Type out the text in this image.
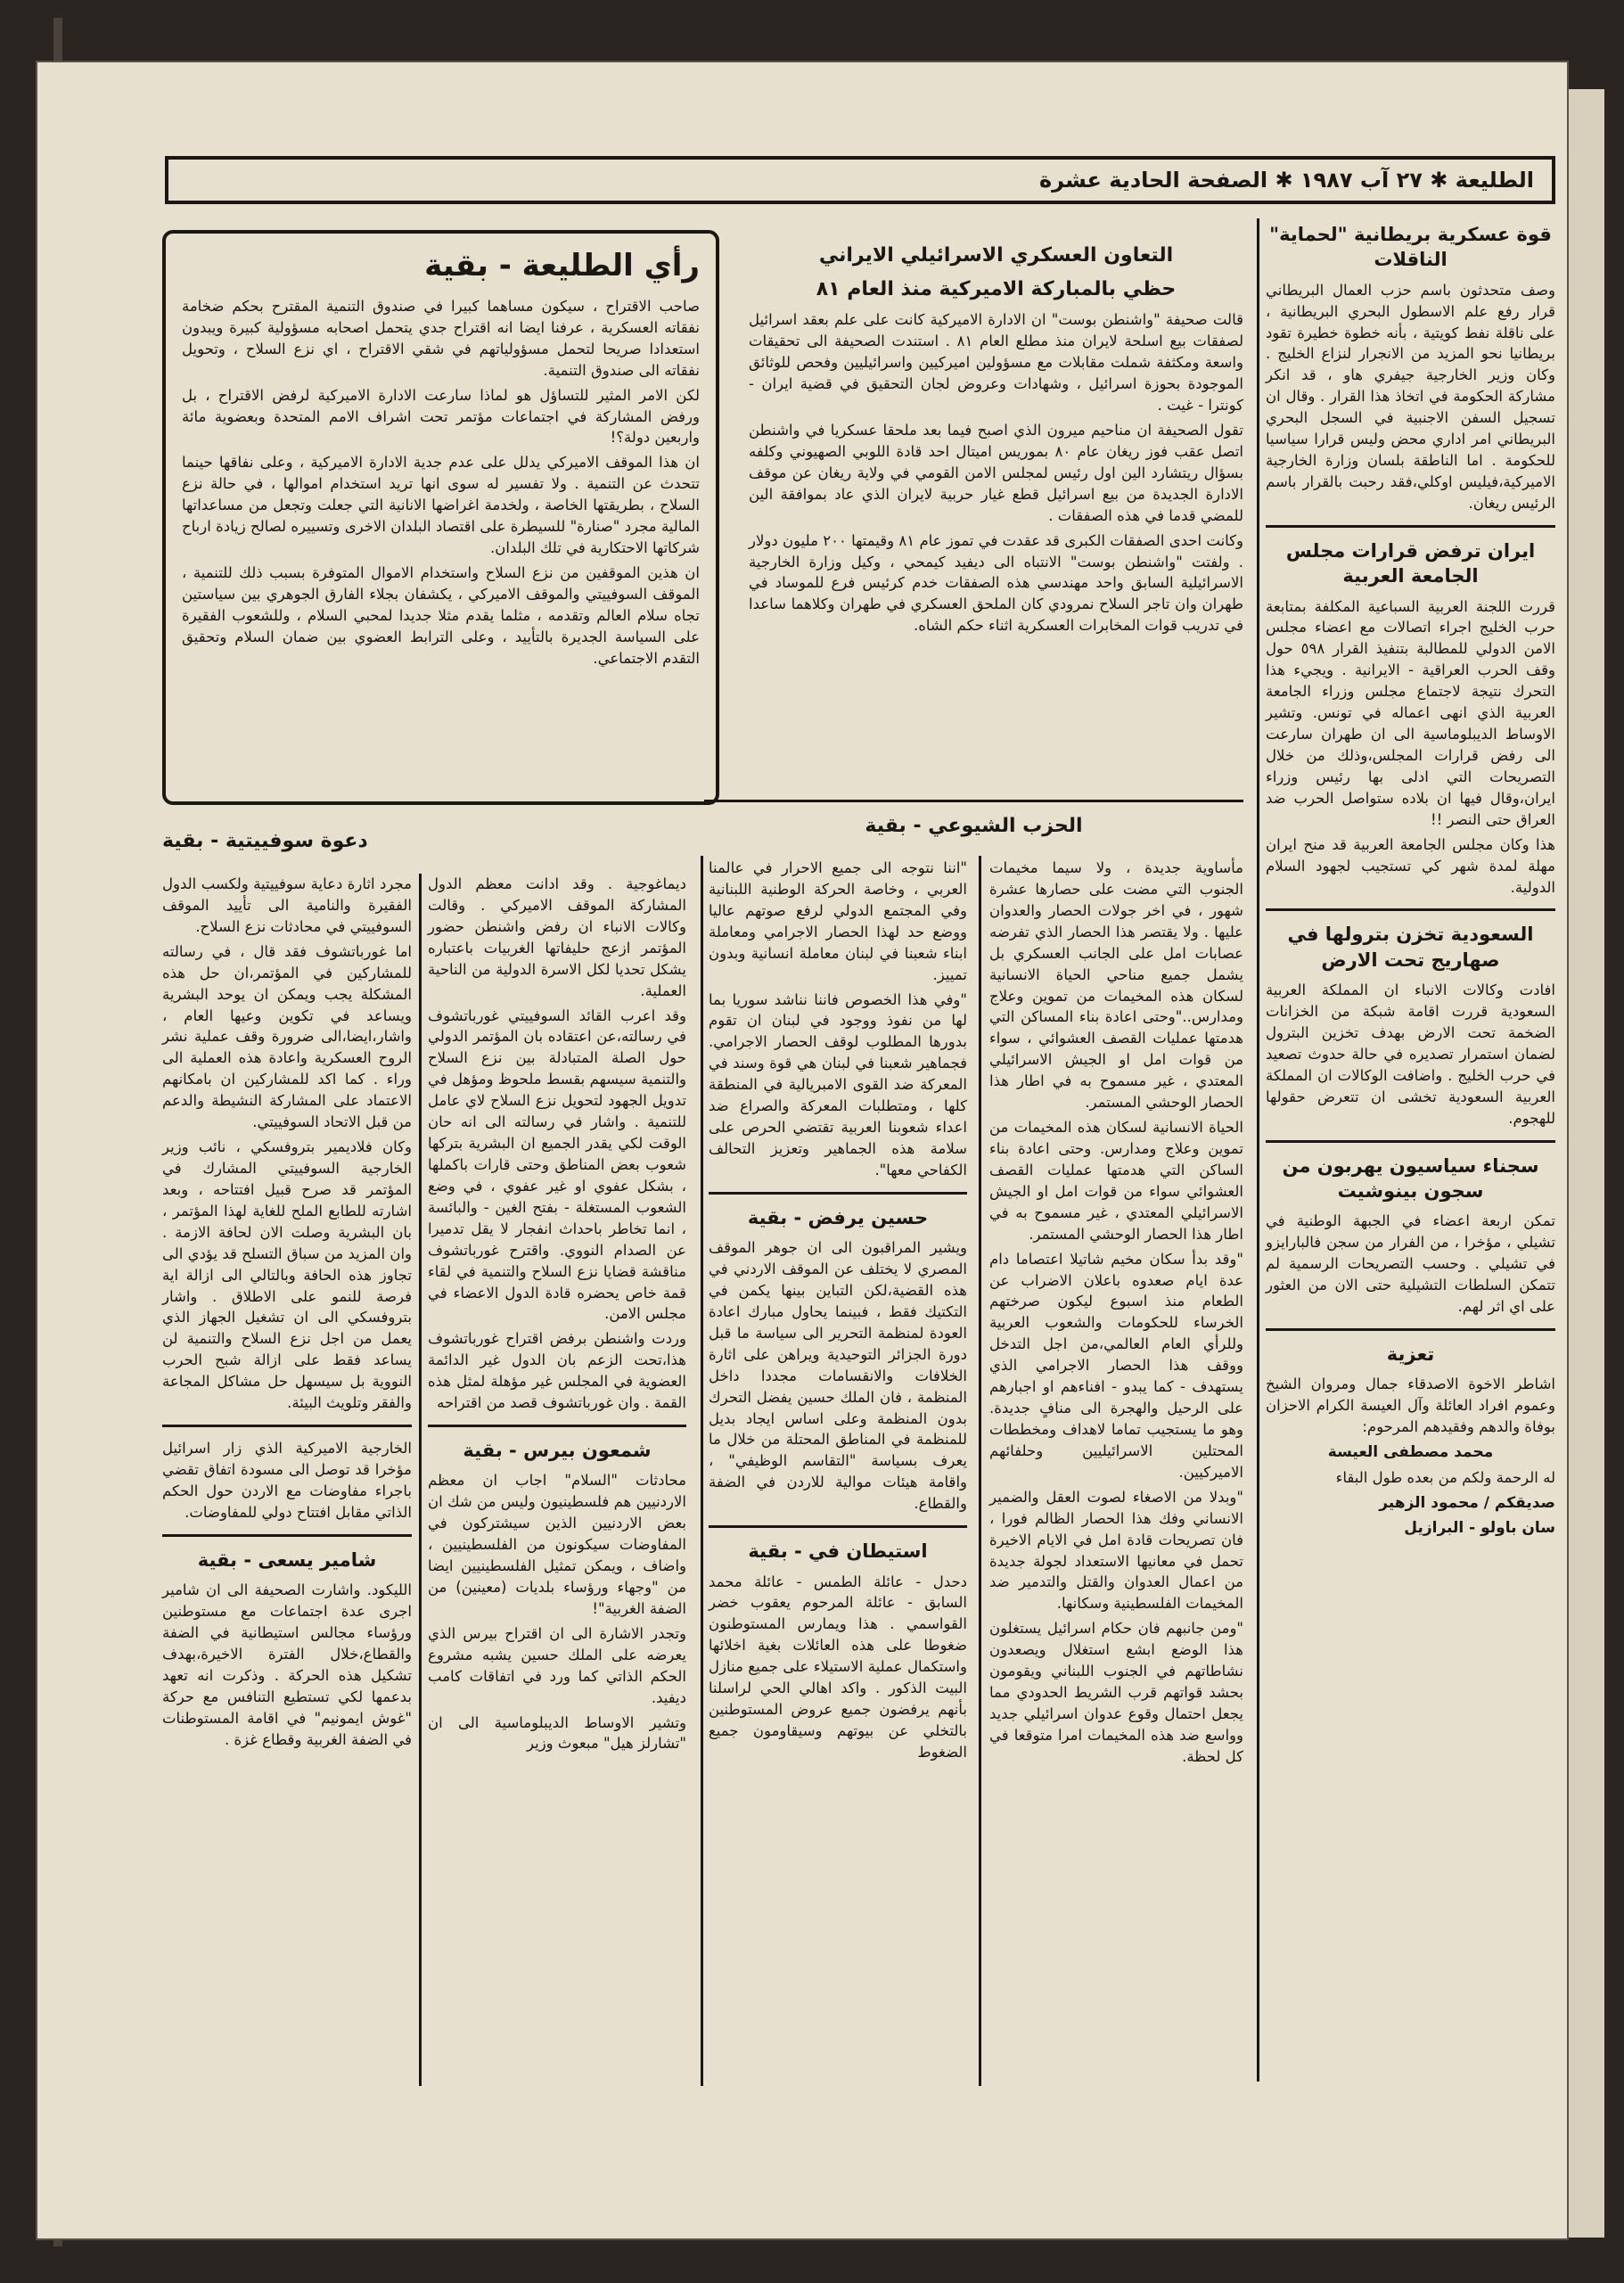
الطليعة ✱ ٢٧ آب ١٩٨٧ ✱ الصفحة الحادية عشرة
قوة عسكرية بريطانية "لحماية" الناقلات

وصف متحدثون باسم حزب العمال البريطاني قرار رفع علم الاسطول البحري البريطانية ، على ناقلة نفط كويتية ، بأنه خطوة خطيرة تقود بريطانيا نحو المزيد من الانجرار لنزاع الخليج . وكان وزير الخارجية جيفري هاو ، قد انكر مشاركة الحكومة في اتخاذ هذا القرار . وقال ان تسجيل السفن الاجنبية في السجل البحري البريطاني امر اداري محض وليس قرارا سياسيا للحكومة . اما الناطقة بلسان وزارة الخارجية الاميركية،فيليس اوكلي،فقد رحبت بالقرار باسم الرئيس ريغان.

ايران ترفض قرارات مجلس الجامعة العربية

قررت اللجنة العربية السباعية المكلفة بمتابعة حرب الخليج اجراء اتصالات مع اعضاء مجلس الامن الدولي للمطالبة بتنفيذ القرار ٥٩٨ حول وقف الحرب العراقية - الايرانية . ويجيء هذا التحرك نتيجة لاجتماع مجلس وزراء الجامعة العربية الذي انهى اعماله في تونس. وتشير الاوساط الديبلوماسية الى ان طهران سارعت الى رفض قرارات المجلس،وذلك من خلال التصريحات التي ادلى بها رئيس وزراء ايران،وقال فيها ان بلاده ستواصل الحرب ضد العراق حتى النصر !!

هذا وكان مجلس الجامعة العربية قد منح ايران مهلة لمدة شهر كي تستجيب لجهود السلام الدولية.

السعودية تخزن بترولها في صهاريج تحت الارض

افادت وكالات الانباء ان المملكة العربية السعودية قررت اقامة شبكة من الخزانات الضخمة تحت الارض بهدف تخزين البترول لضمان استمرار تصديره في حالة حدوث تصعيد في حرب الخليج . واضافت الوكالات ان المملكة العربية السعودية تخشى ان تتعرض حقولها للهجوم.

سجناء سياسيون يهربون من سجون بينوشيت

تمكن اربعة اعضاء في الجبهة الوطنية في تشيلي ، مؤخرا ، من الفرار من سجن فالبارايزو في تشيلي . وحسب التصريحات الرسمية لم تتمكن السلطات التشيلية حتى الان من العثور على اي اثر لهم.

تعزية

اشاطر الاخوة الاصدقاء جمال ومروان الشيخ وعموم افراد العائلة وآل العيسة الكرام الاحزان بوفاة والدهم وفقيدهم المرحوم:

محمد مصطفى العيسة

له الرحمة ولكم من بعده طول البقاء

صديقكم / محمود الزهير

سان باولو - البرازيل

التعاون العسكري الاسرائيلي الايراني
حظي بالمباركة الاميركية منذ العام ٨١

قالت صحيفة "واشنطن بوست" ان الادارة الاميركية كانت على علم بعقد اسرائيل لصفقات بيع اسلحة لايران منذ مطلع العام ٨١ . استندت الصحيفة الى تحقيقات واسعة ومكثفة شملت مقابلات مع مسؤولين اميركيين واسرائيليين وفحص للوثائق الموجودة بحوزة اسرائيل ، وشهادات وعروض لجان التحقيق في قضية ايران - كونترا - غيت .

تقول الصحيفة ان مناحيم ميرون الذي اصبح فيما بعد ملحقا عسكريا في واشنطن اتصل عقب فوز ريغان عام ٨٠ بموريس اميتال احد قادة اللوبي الصهيوني وكلفه بسؤال ريتشارد الين اول رئيس لمجلس الامن القومي في ولاية ريغان عن موقف الادارة الجديدة من بيع اسرائيل قطع غيار حربية لايران الذي عاد بموافقة الين للمضي قدما في هذه الصفقات .

وكانت احدى الصفقات الكبرى قد عقدت في تموز عام ٨١ وقيمتها ٢٠٠ مليون دولار . ولفتت "واشنطن بوست" الانتباه الى ديفيد كيمحي ، وكيل وزارة الخارجية الاسرائيلية السابق واحد مهندسي هذه الصفقات خدم كرئيس فرع للموساد في طهران وان تاجر السلاح نمرودي كان الملحق العسكري في طهران وكلاهما ساعدا في تدريب قوات المخابرات العسكرية اثناء حكم الشاه.

رأي الطليعة - بقية

صاحب الاقتراح ، سيكون مساهما كبيرا في صندوق التنمية المقترح بحكم ضخامة نفقاته العسكرية ، عرفنا ايضا انه اقتراح جدي يتحمل اصحابه مسؤولية كبيرة ويبدون استعدادا صريحا لتحمل مسؤولياتهم في شقي الاقتراح ، اي نزع السلاح ، وتحويل نفقاته الى صندوق التنمية.

لكن الامر المثير للتساؤل هو لماذا سارعت الادارة الاميركية لرفض الاقتراح ، بل ورفض المشاركة في اجتماعات مؤتمر تحت اشراف الامم المتحدة وبعضوية مائة واربعين دولة؟!

ان هذا الموقف الاميركي يدلل على عدم جدية الادارة الاميركية ، وعلى نفاقها حينما تتحدث عن التنمية . ولا تفسير له سوى انها تريد استخدام اموالها ، في حالة نزع السلاح ، بطريقتها الخاصة ، ولخدمة اغراضها الانانية التي جعلت وتجعل من مساعداتها المالية مجرد "صنارة" للسيطرة على اقتصاد البلدان الاخرى وتسييره لصالح زيادة ارباح شركاتها الاحتكارية في تلك البلدان.

ان هذين الموقفين من نزع السلاح واستخدام الاموال المتوفرة بسبب ذلك للتنمية ، الموقف السوفييتي والموقف الاميركي ، يكشفان بجلاء الفارق الجوهري بين سياستين تجاه سلام العالم وتقدمه ، مثلما يقدم مثلا جديدا لمحبي السلام ، وللشعوب الفقيرة على السياسة الجديرة بالتأييد ، وعلى الترابط العضوي بين ضمان السلام وتحقيق التقدم الاجتماعي.

الحزب الشيوعي - بقية

مأساوية جديدة ، ولا سيما مخيمات الجنوب التي مضت على حصارها عشرة شهور ، في اخر جولات الحصار والعدوان عليها . ولا يقتصر هذا الحصار الذي تفرضه عصابات امل على الجانب العسكري بل يشمل جميع مناحي الحياة الانسانية لسكان هذه المخيمات من تموين وعلاج ومدارس.."وحتى اعادة بناء المساكن التي هدمتها عمليات القصف العشوائي ، سواء من قوات امل او الجيش الاسرائيلي المعتدي ، غير مسموح به في اطار هذا الحصار الوحشي المستمر.

الحياة الانسانية لسكان هذه المخيمات من تموين وعلاج ومدارس. وحتى اعادة بناء الساكن التي هدمتها عمليات القصف العشوائي سواء من قوات امل او الجيش الاسرائيلي المعتدي ، غير مسموح به في اطار هذا الحصار الوحشي المستمر.

"وقد بدأ سكان مخيم شاتيلا اعتصاما دام عدة ايام صعدوه باعلان الاضراب عن الطعام منذ اسبوع ليكون صرختهم الخرساء للحكومات والشعوب العربية وللرأي العام العالمي،من اجل التدخل ووقف هذا الحصار الاجرامي الذي يستهدف - كما يبدو - افناءهم او اجبارهم على الرحيل والهجرة الى منافٍ جديدة. وهو ما يستجيب تماما لاهداف ومخططات المحتلين الاسرائيليين وحلفائهم الاميركيين.

"وبدلا من الاصغاء لصوت العقل والضمير الانساني وفك هذا الحصار الظالم فورا ، فان تصريحات قادة امل في الايام الاخيرة تحمل في معانيها الاستعداد لجولة جديدة من اعمال العدوان والقتل والتدمير ضد المخيمات الفلسطينية وسكانها.

"ومن جانبهم فان حكام اسرائيل يستغلون هذا الوضع ابشع استغلال ويصعدون نشاطاتهم في الجنوب اللبناني ويقومون بحشد قواتهم قرب الشريط الحدودي مما يجعل احتمال وقوع عدوان اسرائيلي جديد وواسع ضد هذه المخيمات امرا متوقعا في كل لحظة.

"اننا نتوجه الى جميع الاحرار في عالمنا العربي ، وخاصة الحركة الوطنية اللبنانية وفي المجتمع الدولي لرفع صوتهم عاليا ووضع حد لهذا الحصار الاجرامي ومعاملة ابناء شعبنا في لبنان معاملة انسانية وبدون تمييز.

"وفي هذا الخصوص فاننا نناشد سوريا بما لها من نفوذ ووجود في لبنان ان تقوم بدورها المطلوب لوقف الحصار الاجرامي. فجماهير شعبنا في لبنان هي قوة وسند في المعركة ضد القوى الامبريالية في المنطقة كلها ، ومتطلبات المعركة والصراع ضد اعداء شعوبنا العربية تقتضي الحرص على سلامة هذه الجماهير وتعزيز التحالف الكفاحي معها".

حسين يرفض - بقية

ويشير المراقبون الى ان جوهر الموقف المصري لا يختلف عن الموقف الاردني في هذه القضية،لكن التباين بينها يكمن في التكتيك فقط ، فبينما يحاول مبارك اعادة العودة لمنظمة التحرير الى سياسة ما قبل دورة الجزائر التوحيدية ويراهن على اثارة الخلافات والانقسامات مجددا داخل المنظمة ، فان الملك حسين يفضل التحرك بدون المنظمة وعلى اساس ايجاد بديل للمنظمة في المناطق المحتلة من خلال ما يعرف بسياسة "التقاسم الوظيفي" ، واقامة هيئات موالية للاردن في الضفة والقطاع.

استيطان في - بقية

دحدل - عائلة الطمس - عائلة محمد السابق - عائلة المرحوم يعقوب خضر القواسمي . هذا ويمارس المستوطنون ضغوطا على هذه العائلات بغية اخلائها واستكمال عملية الاستيلاء على جميع منازل البيت الذكور . واكد اهالي الحي لراسلنا بأنهم يرفضون جميع عروض المستوطنين بالتخلي عن بيوتهم وسيقاومون جميع الضغوط

دعوة سوفييتية - بقية

ديماغوجية . وقد ادانت معظم الدول المشاركة الموقف الاميركي . وقالت وكالات الانباء ان رفض واشنطن حضور المؤتمر ازعج حليفاتها الغربيات باعتباره يشكل تحديا لكل الاسرة الدولية من الناحية العملية.

وقد اعرب القائد السوفييتي غورباتشوف في رسالته،عن اعتقاده بان المؤتمر الدولي حول الصلة المتبادلة بين نزع السلاح والتنمية سيسهم بقسط ملحوظ ومؤهل في تدويل الجهود لتحويل نزع السلاح لاي عامل للتنمية . واشار في رسالته الى انه حان الوقت لكي يقدر الجميع ان البشرية بتركها شعوب بعض المناطق وحتى قارات باكملها ، بشكل عفوي او غير عفوي ، في وضع الشعوب المستغلة - بفتح الغين - والبائسة ، انما تخاطر باحداث انفجار لا يقل تدميرا عن الصدام النووي. واقترح غورباتشوف مناقشة قضايا نزع السلاح والتنمية في لقاء قمة خاص يحضره قادة الدول الاعضاء في مجلس الامن.

وردت واشنطن برفض اقتراح غورباتشوف هذا،تحت الزعم بان الدول غير الدائمة العضوية في المجلس غير مؤهلة لمثل هذه القمة . وان غورباتشوف قصد من اقتراحه

شمعون بيرس - بقية

محادثات "السلام" اجاب ان معظم الاردنيين هم فلسطينيون وليس من شك ان بعض الاردنيين الذين سيشتركون في المفاوضات سيكونون من الفلسطينيين ، واضاف ، ويمكن تمثيل الفلسطينيين ايضا من "وجهاء ورؤساء بلديات (معينين) من الضفة الغربية"!

وتجدر الاشارة الى ان اقتراح بيرس الذي يعرضه على الملك حسين يشبه مشروع الحكم الذاتي كما ورد في اتفاقات كامب ديفيد.

وتشير الاوساط الديبلوماسية الى ان "تشارلز هيل" مبعوث وزير

مجرد اثارة دعاية سوفييتية ولكسب الدول الفقيرة والنامية الى تأييد الموقف السوفييتي في محادثات نزع السلاح.

اما غورباتشوف فقد قال ، في رسالته للمشاركين في المؤتمر،ان حل هذه المشكلة يجب ويمكن ان يوحد البشرية ويساعد في تكوين وعيها العام ، واشار،ايضا،الى ضرورة وقف عملية نشر الروح العسكرية واعادة هذه العملية الى وراء . كما اكد للمشاركين ان بامكانهم الاعتماد على المشاركة النشيطة والدعم من قبل الاتحاد السوفييتي.

وكان فلاديمير بتروفسكي ، نائب وزير الخارجية السوفييتي المشارك في المؤتمر قد صرح قبيل افتتاحه ، وبعد اشارته للطابع الملح للغاية لهذا المؤتمر ، بان البشرية وصلت الان لحافة الازمة . وان المزيد من سباق التسلح قد يؤدي الى تجاوز هذه الحافة وبالتالي الى ازالة اية فرصة للنمو على الاطلاق . واشار بتروفسكي الى ان تشغيل الجهاز الذي يعمل من اجل نزع السلاح والتنمية لن يساعد فقط على ازالة شبح الحرب النووية بل سيسهل حل مشاكل المجاعة والفقر وتلويث البيئة.

الخارجية الاميركية الذي زار اسرائيل مؤخرا قد توصل الى مسودة اتفاق تقضي باجراء مفاوضات مع الاردن حول الحكم الذاتي مقابل افتتاح دولي للمفاوضات.

شامير يسعى - بقية

الليكود. واشارت الصحيفة الى ان شامير اجرى عدة اجتماعات مع مستوطنين ورؤساء مجالس استيطانية في الضفة والقطاع،خلال الفترة الاخيرة،بهدف تشكيل هذه الحركة . وذكرت انه تعهد بدعمها لكي تستطيع التنافس مع حركة "غوش ايمونيم" في اقامة المستوطنات في الضفة الغربية وقطاع غزة .
